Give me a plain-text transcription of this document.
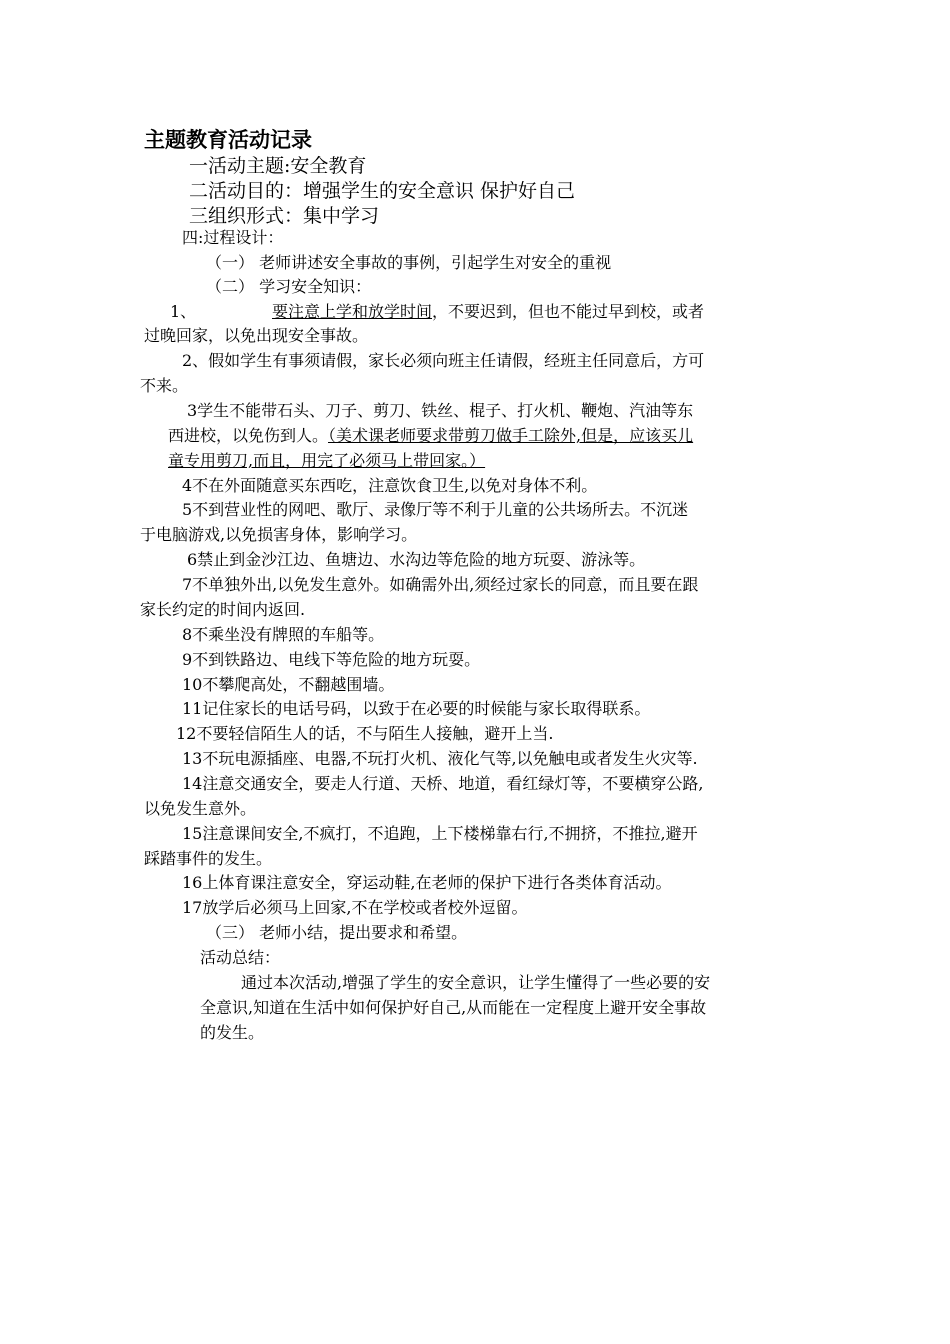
主题教育活动记录
一活动主题:安全教育
二活动目的：增强学生的安全意识 保护好自己
三组织形式：集中学习
四:过程设计：
（一） 老师讲述安全事故的事例，引起学生对安全的重视
（二） 学习安全知识：
1、	要注意上学和放学时间，不要迟到，但也不能过早到校，或者
过晚回家，以免出现安全事故。
2、假如学生有事须请假，家长必须向班主任请假，经班主任同意后，方可
不来。
3学生不能带石头、刀子、剪刀、铁丝、棍子、打火机、鞭炮、汽油等东
西进校，以免伤到人。（美术课老师要求带剪刀做手工除外,但是，应该买儿
童专用剪刀,而且，用完了必须马上带回家。）
4不在外面随意买东西吃，注意饮食卫生,以免对身体不利。
5不到营业性的网吧、歌厅、录像厅等不利于儿童的公共场所去。不沉迷
于电脑游戏,以免损害身体，影响学习。
6禁止到金沙江边、鱼塘边、水沟边等危险的地方玩耍、游泳等。
7不单独外出,以免发生意外。如确需外出,须经过家长的同意，而且要在跟
家长约定的时间内返回.
8不乘坐没有牌照的车船等。
9不到铁路边、电线下等危险的地方玩耍。
10不攀爬高处，不翻越围墙。
11记住家长的电话号码，以致于在必要的时候能与家长取得联系。
12不要轻信陌生人的话，不与陌生人接触，避开上当.
13不玩电源插座、电器,不玩打火机、液化气等,以免触电或者发生火灾等.
14注意交通安全，要走人行道、天桥、地道，看红绿灯等，不要横穿公路,
以免发生意外。
15注意课间安全,不疯打，不追跑，上下楼梯靠右行,不拥挤，不推拉,避开
踩踏事件的发生。
16上体育课注意安全，穿运动鞋,在老师的保护下进行各类体育活动。
17放学后必须马上回家,不在学校或者校外逗留。
（三） 老师小结，提出要求和希望。
活动总结：
通过本次活动,增强了学生的安全意识，让学生懂得了一些必要的安
全意识,知道在生活中如何保护好自己,从而能在一定程度上避开安全事故
的发生。
